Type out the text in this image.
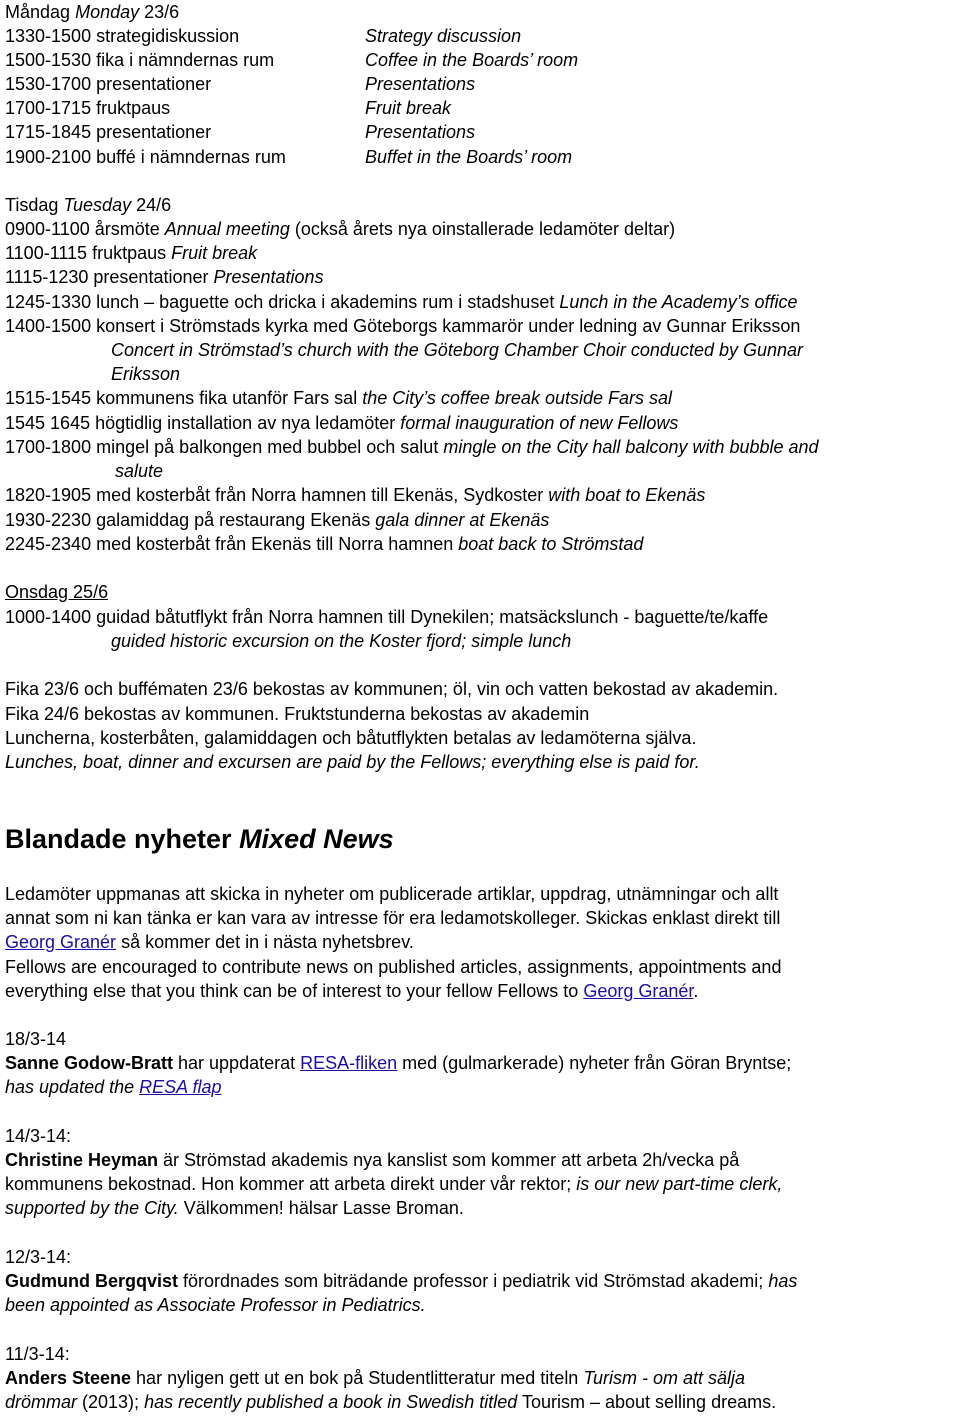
Måndag Monday 23/6
1330-1500 strategidiskussion	Strategy discussion
1500-1530 fika i nämndernas rum	Coffee in the Boards’ room
1530-1700 presentationer	Presentations
1700-1715 fruktpaus	Fruit break
1715-1845 presentationer	Presentations
1900-2100 buffé i nämndernas rum	Buffet in the Boards’ room
Tisdag Tuesday 24/6
0900-1100 årsmöte Annual meeting (också årets nya oinstallerade ledamöter deltar)
1100-1115 fruktpaus Fruit break
1115-1230 presentationer Presentations
1245-1330 lunch – baguette och dricka i akademins rum i stadshuset Lunch in the Academy’s office
1400-1500 konsert i Strömstads kyrka med Göteborgs kammarör under ledning av Gunnar Eriksson
Concert in Strömstad’s church with the Göteborg Chamber Choir conducted by Gunnar
Eriksson
1515-1545 kommunens fika utanför Fars sal the City’s coffee break outside Fars sal
1545 1645 högtidlig installation av nya ledamöter formal inauguration of new Fellows
1700-1800 mingel på balkongen med bubbel och salut mingle on the City hall balcony with bubble and
salute
1820-1905 med kosterbåt från Norra hamnen till Ekenäs, Sydkoster with boat to Ekenäs
1930-2230 galamiddag på restaurang Ekenäs gala dinner at Ekenäs
2245-2340 med kosterbåt från Ekenäs till Norra hamnen boat back to Strömstad
Onsdag 25/6
1000-1400 guidad båtutflykt från Norra hamnen till Dynekilen; matsäckslunch - baguette/te/kaffe
guided historic excursion on the Koster fjord; simple lunch
Fika 23/6 och buffématen 23/6 bekostas av kommunen; öl, vin och vatten bekostad av akademin.
Fika 24/6 bekostas av kommunen. Fruktstunderna bekostas av akademin
Luncherna, kosterbåten, galamiddagen och båtutflykten betalas av ledamöterna själva.
Lunches, boat, dinner and excursen are paid by the Fellows; everything else is paid for.
Blandade nyheter Mixed News
Ledamöter uppmanas att skicka in nyheter om publicerade artiklar, uppdrag, utnämningar och allt
annat som ni kan tänka er kan vara av intresse för era ledamotskolleger. Skickas enklast direkt till
Georg Granér så kommer det in i nästa nyhetsbrev.
Fellows are encouraged to contribute news on published articles, assignments, appointments and
everything else that you think can be of interest to your fellow Fellows to Georg Granér.
18/3-14
Sanne Godow-Bratt har uppdaterat RESA-fliken med (gulmarkerade) nyheter från Göran Bryntse;
has updated the RESA flap
14/3-14:
Christine Heyman är Strömstad akademis nya kanslist som kommer att arbeta 2h/vecka på
kommunens bekostnad. Hon kommer att arbeta direkt under vår rektor; is our new part-time clerk,
supported by the City. Välkommen! hälsar Lasse Broman.
12/3-14:
Gudmund Bergqvist förordnades som biträdande professor i pediatrik vid Strömstad akademi; has
been appointed as Associate Professor in Pediatrics.
11/3-14:
Anders Steene har nyligen gett ut en bok på Studentlitteratur med titeln Turism - om att sälja
drömmar (2013); has recently published a book in Swedish titled Tourism – about selling dreams.
